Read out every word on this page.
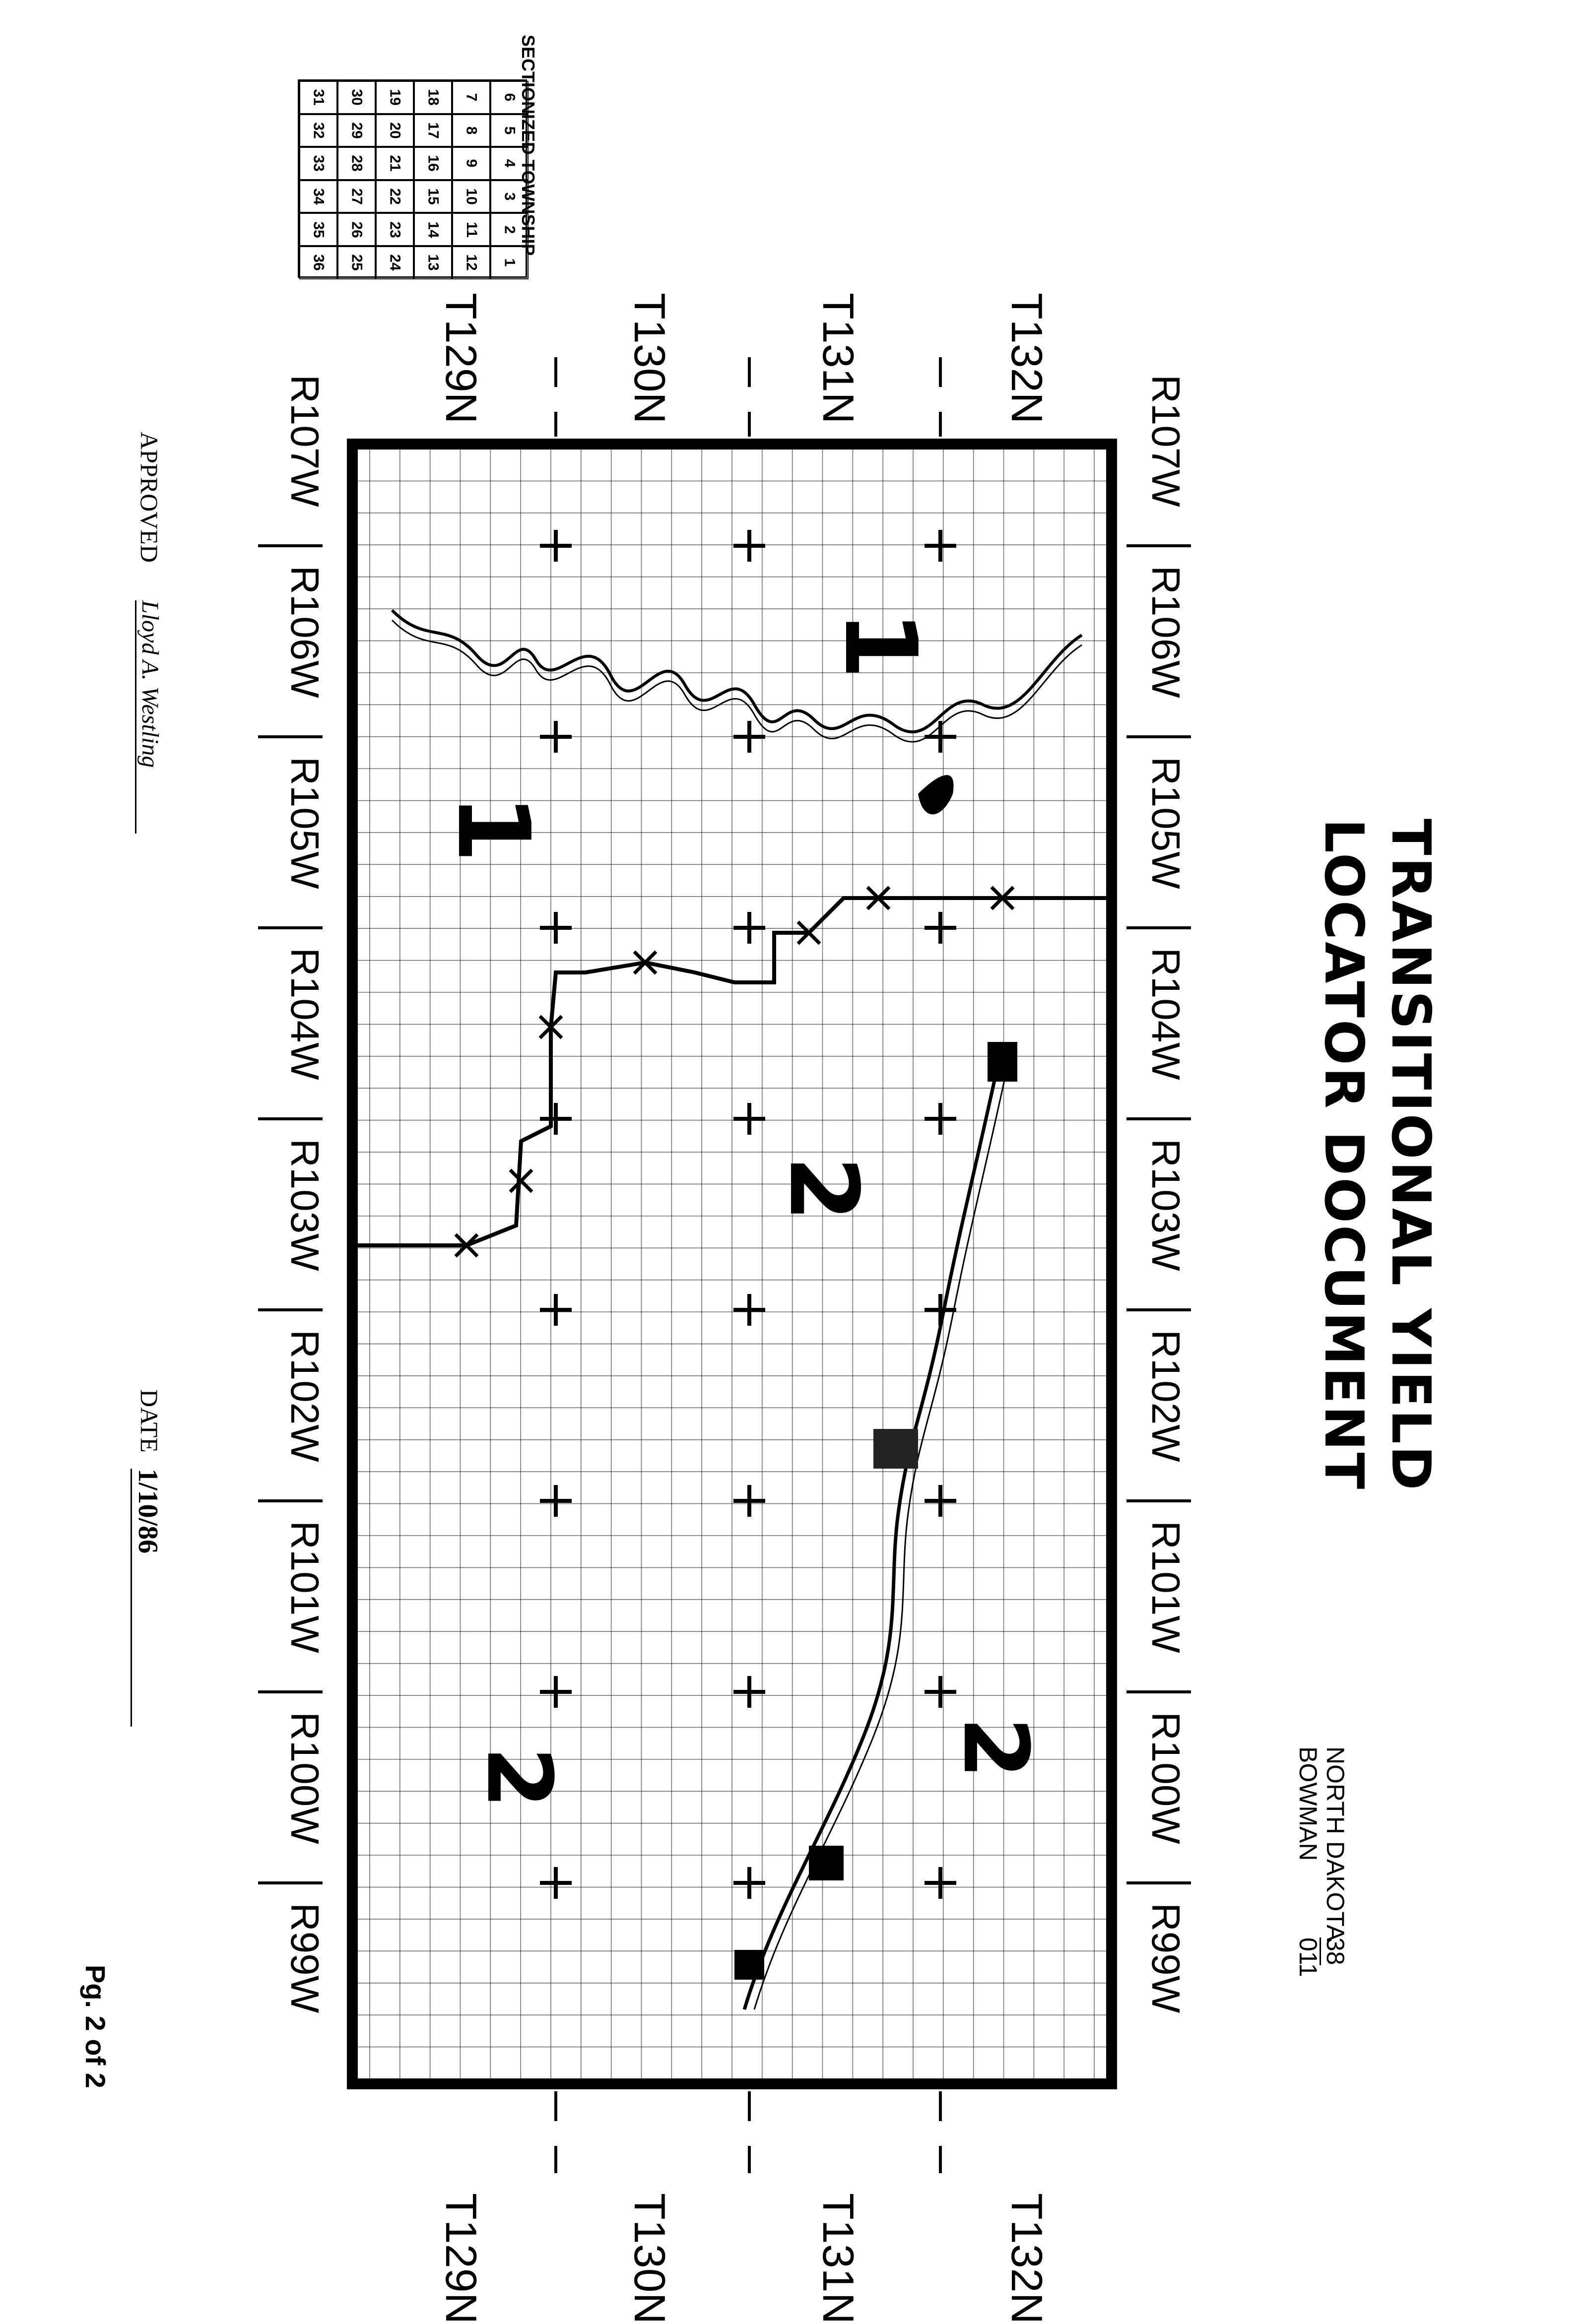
TRANSITIONAL YIELD
LOCATOR DOCUMENT
NORTH DAKOTA
38
BOWMAN
011
SECTIONIZED TOWNSHIP
31 30 19 18 7 6
32 29 20 17 8 5
33 28 21 16 9 4
34 27 22 15 10 3
35 26 23 14 11 2
36 25 24 13 12 1
T132N
T131N
T130N
T129N
T132N
T131N
T130N
T129N
R107W
R107W
R106W
R106W
R105W
R105W
R104W
R104W
R103W
R103W
R102W
R102W
R101W
R101W
R100W
R100W
R99W
R99W
1
1
2
2
2
APPROVED
Lloyd A. Westling
DATE
1/10/86
Pg. 2 of 2
